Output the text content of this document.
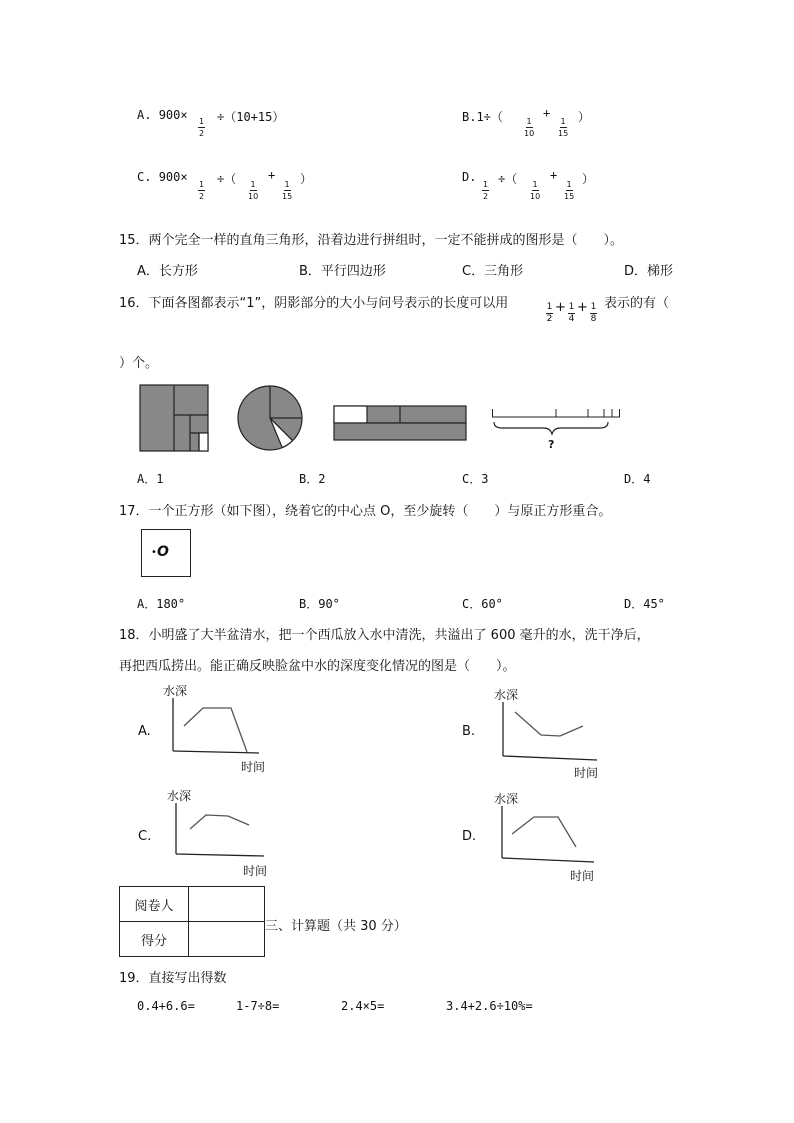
A. 900× 1
2
÷（10+15）	B.1÷（	1
10
+
1
15
）
C. 900×
1
2
÷（ 1
10
+
1
15
）	D.
1
2
÷（ 1
10
+
1
15
）
15．两个完全一样的直角三角形，沿着边进行拼组时，一定不能拼成的图形是（　　）。
A．长方形	B．平行四边形	C．三角形	D．梯形
16．下面各图都表示“1”，阴影部分的大小与问号表示的长度可以用	1
2
+ 1
4
+ 1
8
表示的有（
）个。
?
A．1	B．2	C．3	D．4
17．一个正方形（如下图），绕着它的中心点 O，至少旋转（　　）与原正方形重合。
• O
A．180°	B．90°	C．60°	D．45°
18．小明盛了大半盆清水，把一个西瓜放入水中清洗，共溢出了 600 毫升的水，洗干净后，
再把西瓜捞出。能正确反映脸盆中水的深度变化情况的图是（　　）。
水深
A.
时间
水深
B.
时间
水深
C.
时间
水深
D.
时间
阅卷人	
得分	
三、计算题（共 30 分）
19．直接写出得数
0.4+6.6=	1-7÷8=	2.4×5=	3.4+2.6÷10%=
